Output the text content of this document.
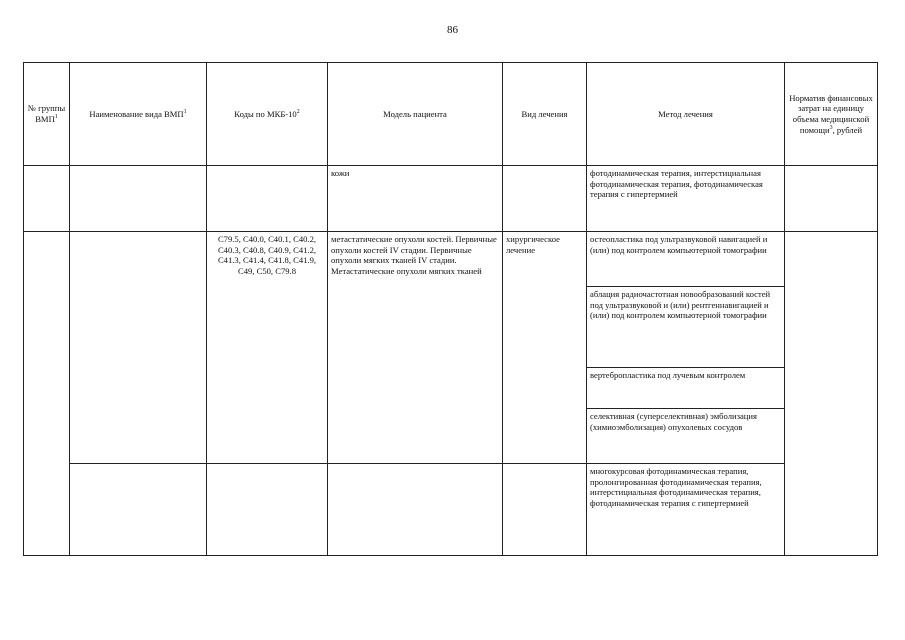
86
№ группы ВМП$^1$	Наименование вида ВМП$^1$	Коды по МКБ-$10^2$	Модель пациента	Вид лечения	Метод лечения	Норматив финансовых затрат на единицу объема медицинской помощи$^3$, рублей
			кожи		фотодинамическая терапия, интерстициальная фотодинамическая терапия, фотодинамическая терапия с гипертермией	
		C79.5, C40.0, C40.1, C40.2, C40.3, C40.8, C40.9, C41.2, C41.3, C41.4, C41.8, C41.9, C49, C50, C79.8	метастатические опухоли костей. Первичные опухоли костей IV стадии. Первичные опухоли мягких тканей IV стадии. Метастатические опухоли мягких тканей	хирургическое лечение	остеопластика под ультразвуковой навигацией и (или) под контролем компьютерной томографии	
					аблация радиочастотная новообразований костей под ультразвуковой и (или) рентгеннавигацией и (или) под контролем компьютерной томографии	
					вертебропластика под лучевым контролем	
					селективная (суперселективная) эмболизация (химиоэмболизация) опухолевых сосудов	
					многокурсовая фотодинамическая терапия, пролонгированная фотодинамическая терапия, интерстициальная фотодинамическая терапия, фотодинамическая терапия с гипертермией	
